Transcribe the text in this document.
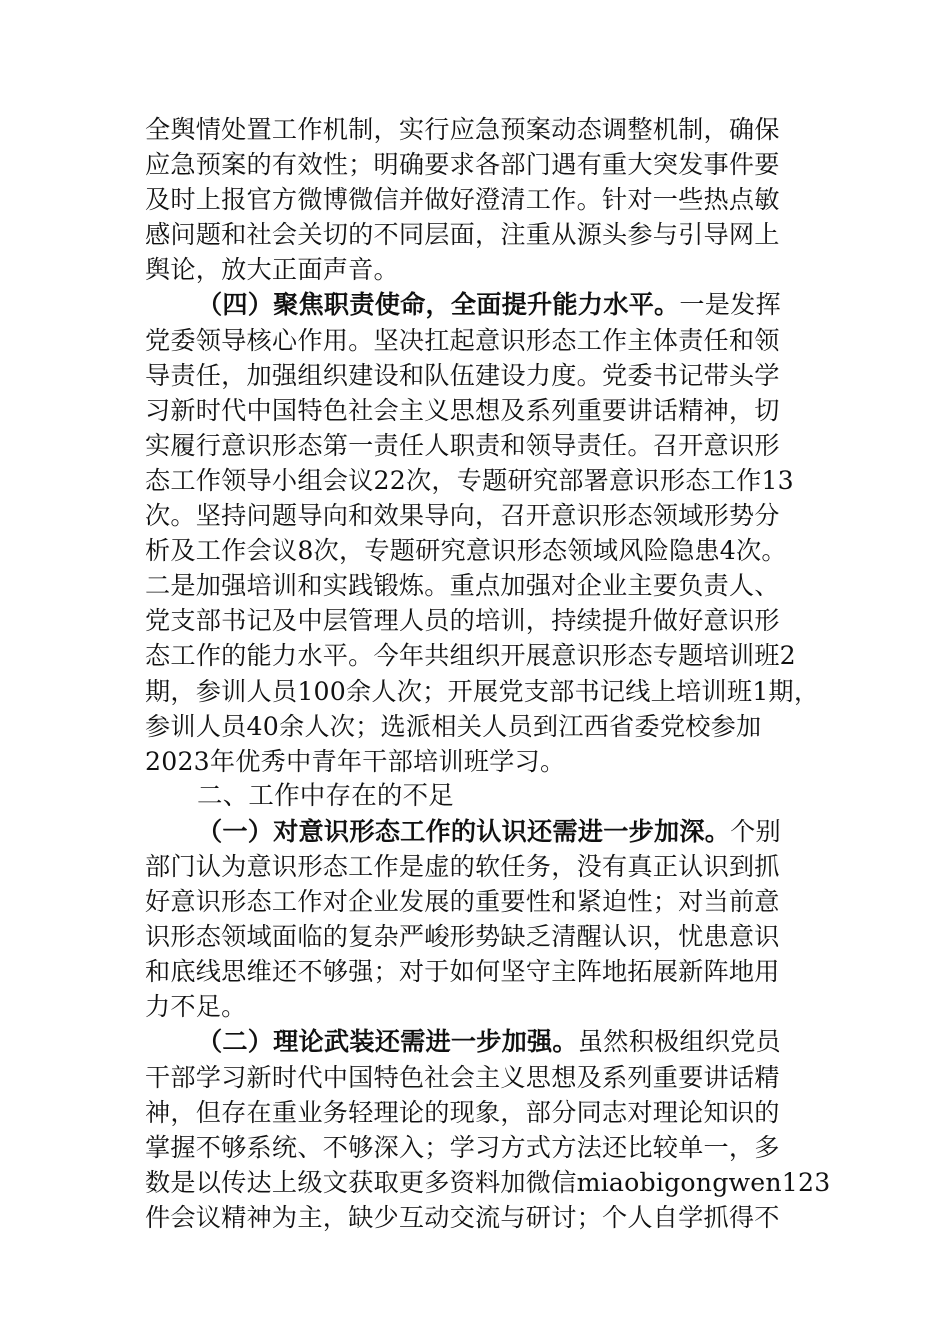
全舆情处置工作机制，实行应急预案动态调整机制，确保
应急预案的有效性；明确要求各部门遇有重大突发事件要
及时上报官方微博微信并做好澄清工作。针对一些热点敏
感问题和社会关切的不同层面，注重从源头参与引导网上
舆论，放大正面声音。
（四）聚焦职责使命，全面提升能力水平。一是发挥
党委领导核心作用。坚决扛起意识形态工作主体责任和领
导责任，加强组织建设和队伍建设力度。党委书记带头学
习新时代中国特色社会主义思想及系列重要讲话精神，切
实履行意识形态第一责任人职责和领导责任。召开意识形
态工作领导小组会议22次，专题研究部署意识形态工作13
次。坚持问题导向和效果导向，召开意识形态领域形势分
析及工作会议8次，专题研究意识形态领域风险隐患4次。
二是加强培训和实践锻炼。重点加强对企业主要负责人、
党支部书记及中层管理人员的培训，持续提升做好意识形
态工作的能力水平。今年共组织开展意识形态专题培训班2
期，参训人员100余人次；开展党支部书记线上培训班1期，
参训人员40余人次；选派相关人员到江西省委党校参加
2023年优秀中青年干部培训班学习。
二、工作中存在的不足
（一）对意识形态工作的认识还需进一步加深。个别
部门认为意识形态工作是虚的软任务，没有真正认识到抓
好意识形态工作对企业发展的重要性和紧迫性；对当前意
识形态领域面临的复杂严峻形势缺乏清醒认识，忧患意识
和底线思维还不够强；对于如何坚守主阵地拓展新阵地用
力不足。
（二）理论武装还需进一步加强。虽然积极组织党员
干部学习新时代中国特色社会主义思想及系列重要讲话精
神，但存在重业务轻理论的现象，部分同志对理论知识的
掌握不够系统、不够深入；学习方式方法还比较单一，多
数是以传达上级文获取更多资料加微信miaobigongwen123
件会议精神为主，缺少互动交流与研讨；个人自学抓得不
